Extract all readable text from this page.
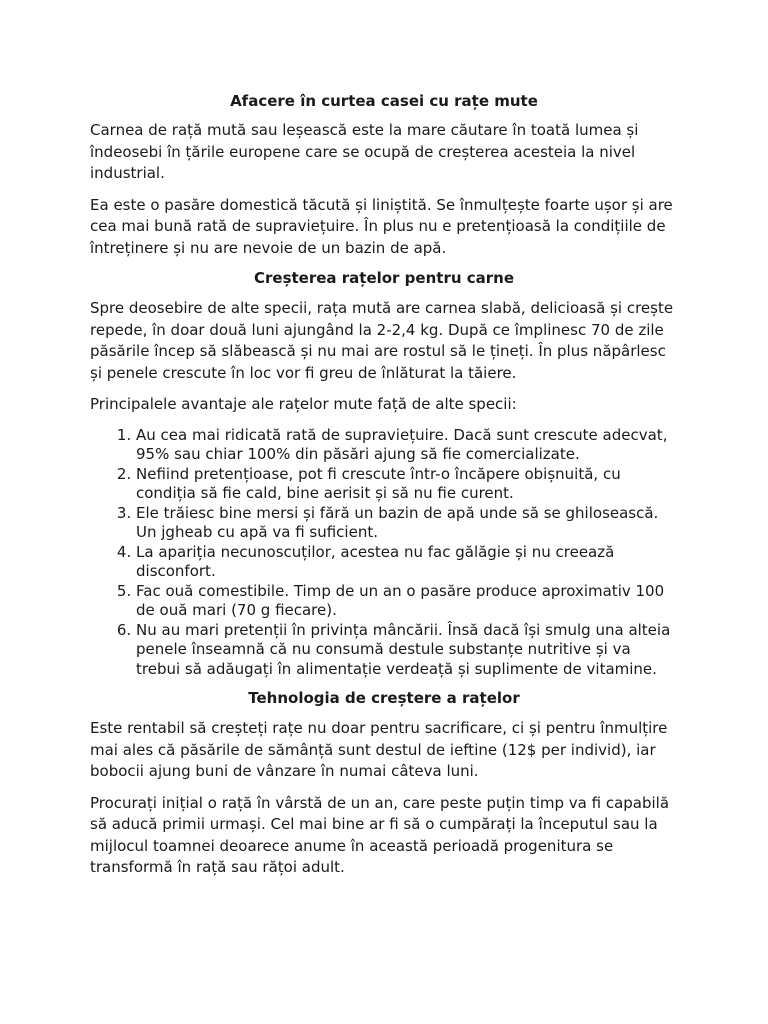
Afacere în curtea casei cu rațe mute

Carnea de rață mută sau leșească este la mare căutare în toată lumea și îndeosebi în țările europene care se ocupă de creșterea acesteia la nivel industrial.

Ea este o pasăre domestică tăcută și liniștită. Se înmulțește foarte ușor și are cea mai bună rată de supraviețuire. În plus nu e pretențioasă la condițiile de întreținere și nu are nevoie de un bazin de apă.

Creșterea rațelor pentru carne

Spre deosebire de alte specii, rața mută are carnea slabă, delicioasă și crește repede, în doar două luni ajungând la 2-2,4 kg. După ce împlinesc 70 de zile păsările încep să slăbească și nu mai are rostul să le țineți. În plus năpârlesc și penele crescute în loc vor fi greu de înlăturat la tăiere.

Principalele avantaje ale rațelor mute față de alte specii:

1. Au cea mai ridicată rată de supraviețuire. Dacă sunt crescute adecvat, 95% sau chiar 100% din păsări ajung să fie comercializate.
2. Nefiind pretențioase, pot fi crescute într-o încăpere obișnuită, cu condiția să fie cald, bine aerisit și să nu fie curent.
3. Ele trăiesc bine mersi și fără un bazin de apă unde să se ghilosească. Un jgheab cu apă va fi suficient.
4. La apariția necunoscuților, acestea nu fac gălăgie și nu creează disconfort.
5. Fac ouă comestibile. Timp de un an o pasăre produce aproximativ 100 de ouă mari (70 g fiecare).
6. Nu au mari pretenții în privința mâncării. Însă dacă își smulg una alteia penele înseamnă că nu consumă destule substanțe nutritive și va trebui să adăugați în alimentație verdeață și suplimente de vitamine.
Tehnologia de creștere a rațelor

Este rentabil să creșteți rațe nu doar pentru sacrificare, ci și pentru înmulțire mai ales că păsările de sămânță sunt destul de ieftine (12$ per individ), iar bobocii ajung buni de vânzare în numai câteva luni.

Procurați inițial o rață în vârstă de un an, care peste puțin timp va fi capabilă să aducă primii urmași. Cel mai bine ar fi să o cumpărați la începutul sau la mijlocul toamnei deoarece anume în această perioadă progenitura se transformă în rață sau rățoi adult.
